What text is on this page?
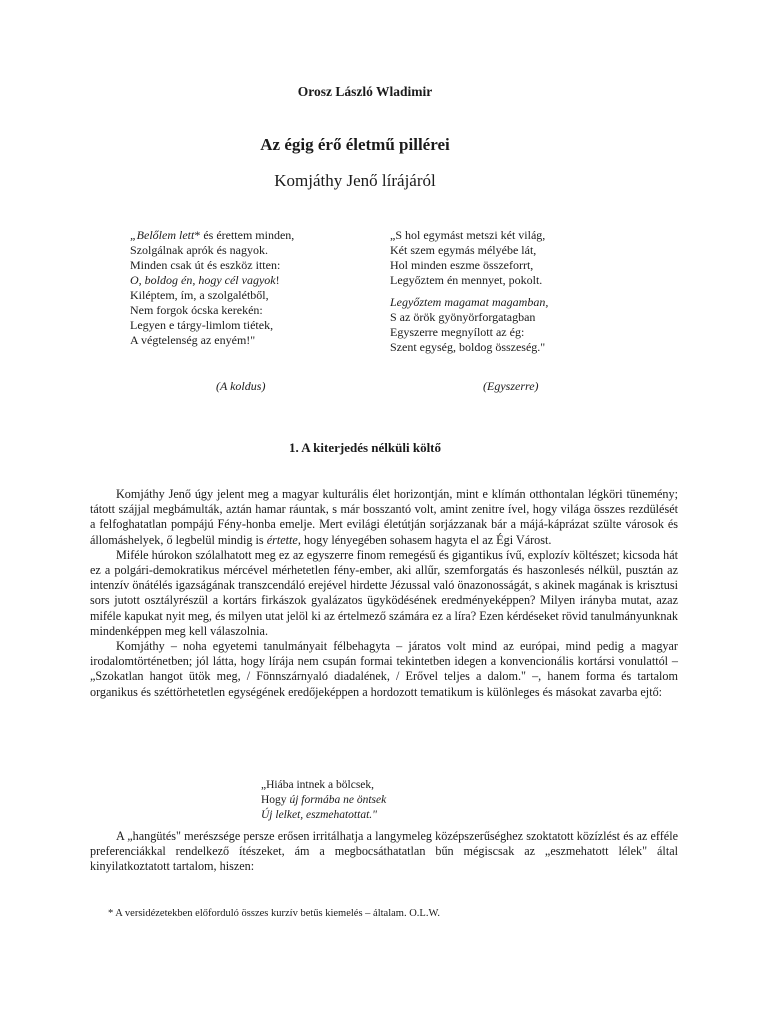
Orosz László Wladimir
Az égig érő életmű pillérei
Komjáthy Jenő lírájáról
„Belőlem lett* és érettem minden,
Szolgálnak aprók és nagyok.
Minden csak út és eszköz itten:
O, boldog én, hogy cél vagyok!
Kiléptem, ím, a szolgalétből,
Nem forgok ócska kerekén:
Legyen e tárgy-limlom tiétek,
A végtelenség az enyém!"
„S hol egymást metszi két világ,
Két szem egymás mélyébe lát,
Hol minden eszme összeforrt,
Legyőztem én mennyet, pokolt.
Legyőztem magamat magamban,
S az örök gyönyörforgatagban
Egyszerre megnyílott az ég:
Szent egység, boldog összeség."
(A koldus)	(Egyszerre)
1. A kiterjedés nélküli költő

Komjáthy Jenő úgy jelent meg a magyar kulturális élet horizontján, mint e klímán otthontalan légköri tünemény; tátott szájjal megbámulták, aztán hamar ráuntak, s már bosszantó volt, amint zenitre ível, hogy világa összes rezdülését a felfoghatatlan pompájú Fény-honba emelje. Mert evilági életútján sorjázzanak bár a májá-káprázat szülte városok és állomáshelyek, ő legbelül mindig is értette, hogy lényegében sohasem hagyta el az Égi Várost.

Miféle húrokon szólalhatott meg ez az egyszerre finom remegésű és gigantikus ívű, explozív költészet; kicsoda hát ez a polgári-demokratikus mércével mérhetetlen fény-ember, aki allűr, szemforgatás és haszonlesés nélkül, pusztán az intenzív önátélés igazságának transzcendáló erejével hirdette Jézussal való önazonosságát, s akinek magának is krisztusi sors jutott osztályrészül a kortárs firkászok gyalázatos ügyködésének eredményeképpen? Milyen irányba mutat, azaz miféle kapukat nyit meg, és milyen utat jelöl ki az értelmező számára ez a líra? Ezen kérdéseket rövid tanulmányunknak mindenképpen meg kell válaszolnia.

Komjáthy – noha egyetemi tanulmányait félbehagyta – járatos volt mind az európai, mind pedig a magyar irodalomtörténetben; jól látta, hogy lírája nem csupán formai tekintetben idegen a konvencionális kortársi vonulattól – „Szokatlan hangot ütök meg, / Fönnszárnyaló diadalének, / Erővel teljes a dalom." –, hanem forma és tartalom organikus és széttörhetetlen egységének eredőjeképpen a hordozott tematikum is különleges és másokat zavarba ejtő:

„Hiába intnek a bölcsek,
Hogy új formába ne öntsek
Új lelket, eszmehatottat."

A „hangütés" merészsége persze erősen irritálhatja a langymeleg középszerűséghez szoktatott közízlést és az efféle preferenciákkal rendelkező ítészeket, ám a megbocsáthatatlan bűn mégiscsak az „eszmehatott lélek" által kinyilatkoztatott tartalom, hiszen:

* A versidézetekben előforduló összes kurzív betűs kiemelés – általam. O.L.W.
